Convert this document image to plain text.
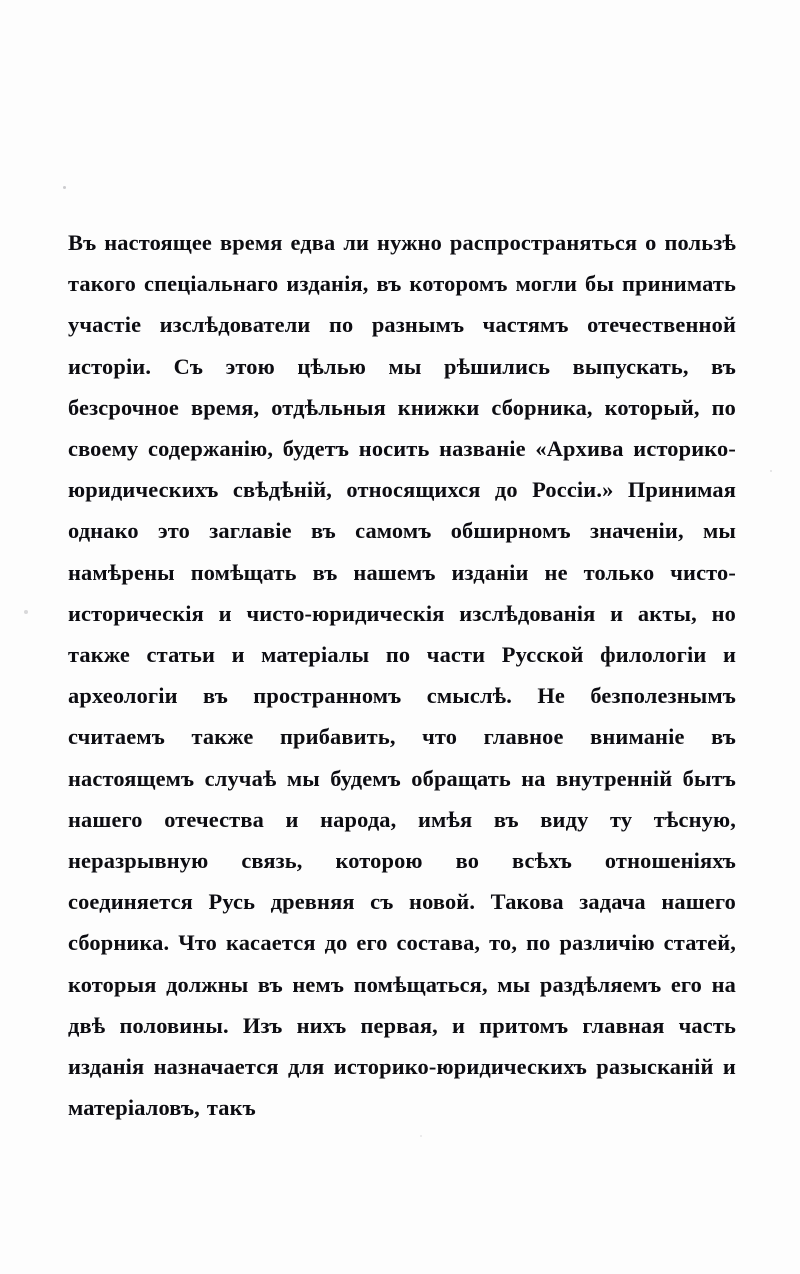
Въ настоящее время едва ли нужно распространяться о пользѣ такого спеціальнаго изданія, въ которомъ могли бы принимать участіе изслѣдователи по разнымъ частямъ отечественной исторіи. Съ этою цѣлью мы рѣшились выпускать, въ безсрочное время, отдѣльныя книжки сборника, который, по своему содержанію, будетъ носить названіе «Архива историко-юридическихъ свѣдѣній, относящихся до Россіи.» Принимая однако это заглавіе въ самомъ обширномъ значеніи, мы намѣрены помѣщать въ нашемъ изданіи не только чисто-историческія и чисто-юридическія изслѣдованія и акты, но также статьи и матеріалы по части Русской филологіи и археологіи въ пространномъ смыслѣ. Не безполезнымъ считаемъ также прибавить, что главное вниманіе въ настоящемъ случаѣ мы будемъ обращать на внутренній бытъ нашего отечества и народа, имѣя въ виду ту тѣсную, неразрывную связь, которою во всѣхъ отношеніяхъ соединяется Русь древняя съ новой. Такова задача нашего сборника. Что касается до его состава, то, по различію статей, которыя должны въ немъ помѣщаться, мы раздѣляемъ его на двѣ половины. Изъ нихъ первая, и притомъ главная часть изданія назначается для историко-юридическихъ разысканій и матеріаловъ, такъ
